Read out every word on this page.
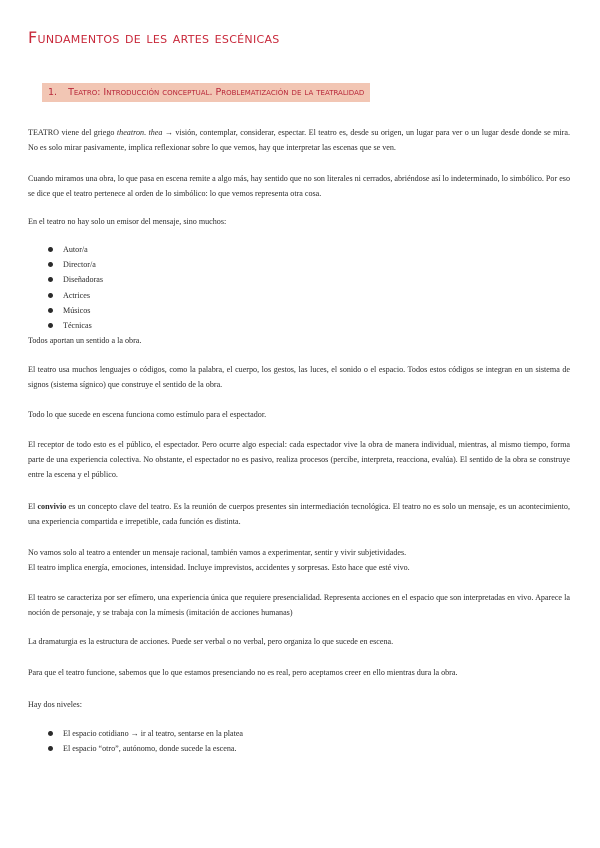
Fundamentos de les artes escénicas
1. Teatro: Introducción conceptual. Problematización de la teatralidad

TEATRO viene del griego theatron. thea → visión, contemplar, considerar, espectar. El teatro es, desde su origen, un lugar para ver o un lugar desde donde se mira. No es solo mirar pasivamente, implica reflexionar sobre lo que vemos, hay que interpretar las escenas que se ven.

Cuando miramos una obra, lo que pasa en escena remite a algo más, hay sentido que no son literales ni cerrados, abriéndose así lo indeterminado, lo simbólico. Por eso se dice que el teatro pertenece al orden de lo simbólico: lo que vemos representa otra cosa.

En el teatro no hay solo un emisor del mensaje, sino muchos:

Autor/a
Director/a
Diseñadoras
Actrices
Músicos
Técnicas

Todos aportan un sentido a la obra.

El teatro usa muchos lenguajes o códigos, como la palabra, el cuerpo, los gestos, las luces, el sonido o el espacio. Todos estos códigos se integran en un sistema de signos (sistema sígnico) que construye el sentido de la obra.

Todo lo que sucede en escena funciona como estímulo para el espectador.

El receptor de todo esto es el público, el espectador. Pero ocurre algo especial: cada espectador vive la obra de manera individual, mientras, al mismo tiempo, forma parte de una experiencia colectiva. No obstante, el espectador no es pasivo, realiza procesos (percibe, interpreta, reacciona, evalúa). El sentido de la obra se construye entre la escena y el público.

El convivio es un concepto clave del teatro. Es la reunión de cuerpos presentes sin intermediación tecnológica. El teatro no es solo un mensaje, es un acontecimiento, una experiencia compartida e irrepetible, cada función es distinta.

No vamos solo al teatro a entender un mensaje racional, también vamos a experimentar, sentir y vivir subjetividades.

El teatro implica energía, emociones, intensidad. Incluye imprevistos, accidentes y sorpresas. Esto hace que esté vivo.

El teatro se caracteriza por ser efímero, una experiencia única que requiere presencialidad. Representa acciones en el espacio que son interpretadas en vivo. Aparece la noción de personaje, y se trabaja con la mímesis (imitación de acciones humanas)

La dramaturgia es la estructura de acciones. Puede ser verbal o no verbal, pero organiza lo que sucede en escena.

Para que el teatro funcione, sabemos que lo que estamos presenciando no es real, pero aceptamos creer en ello mientras dura la obra.

Hay dos niveles:

El espacio cotidiano → ir al teatro, sentarse en la platea
El espacio “otro”, autónomo, donde sucede la escena.
